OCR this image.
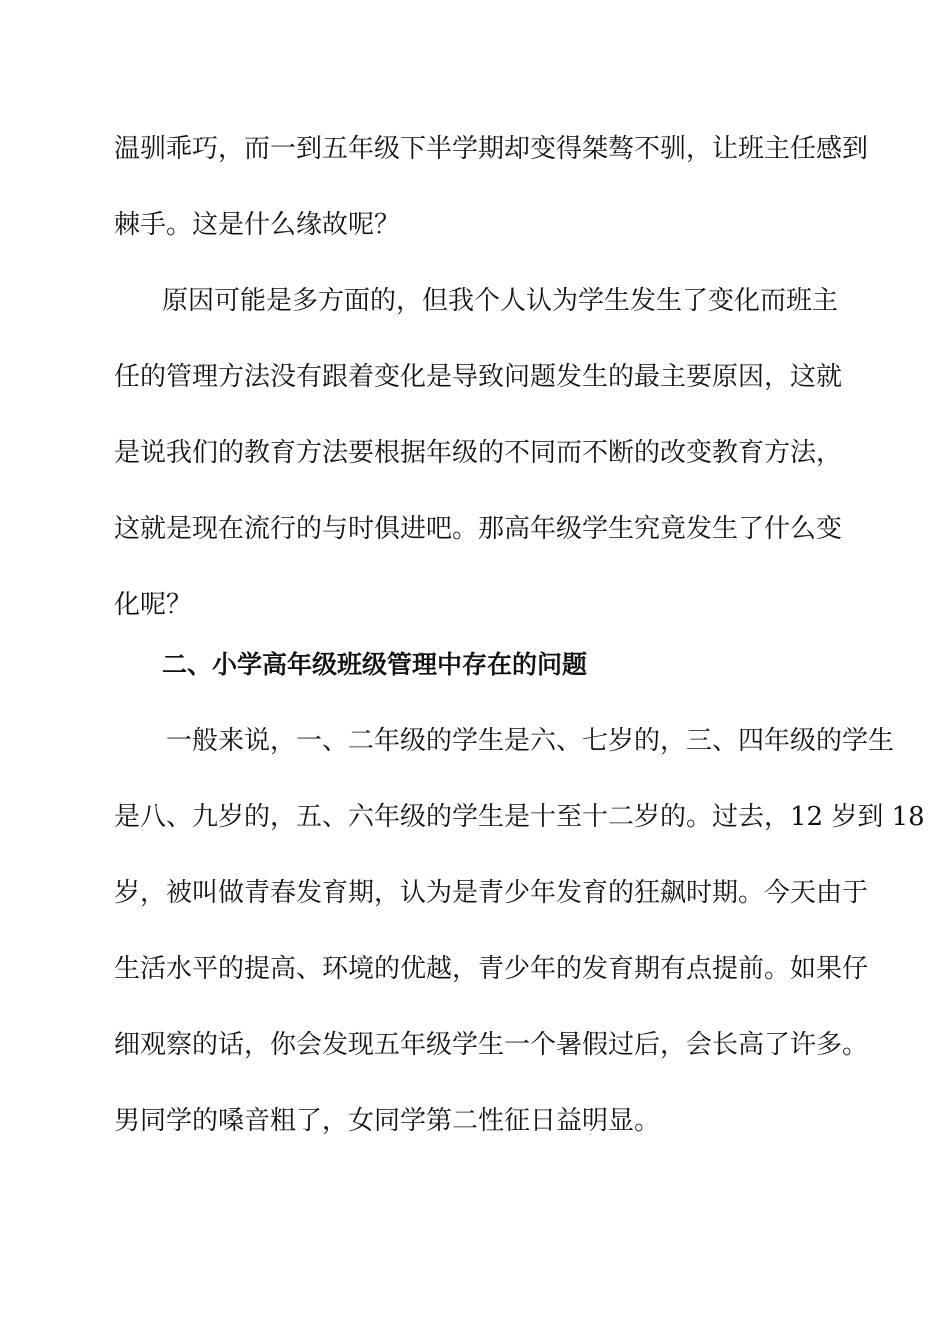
温驯乖巧，而一到五年级下半学期却变得桀骜不驯，让班主任感到
棘手。这是什么缘故呢？
原因可能是多方面的，但我个人认为学生发生了变化而班主
任的管理方法没有跟着变化是导致问题发生的最主要原因，这就
是说我们的教育方法要根据年级的不同而不断的改变教育方法，
这就是现在流行的与时俱进吧。那高年级学生究竟发生了什么变
化呢？
二、小学高年级班级管理中存在的问题
一般来说，一、二年级的学生是六、七岁的，三、四年级的学生
是八、九岁的，五、六年级的学生是十至十二岁的。过去，12 岁到 18
岁，被叫做青春发育期，认为是青少年发育的狂飙时期。今天由于
生活水平的提高、环境的优越，青少年的发育期有点提前。如果仔
细观察的话，你会发现五年级学生一个暑假过后，会长高了许多。
男同学的嗓音粗了，女同学第二性征日益明显。
